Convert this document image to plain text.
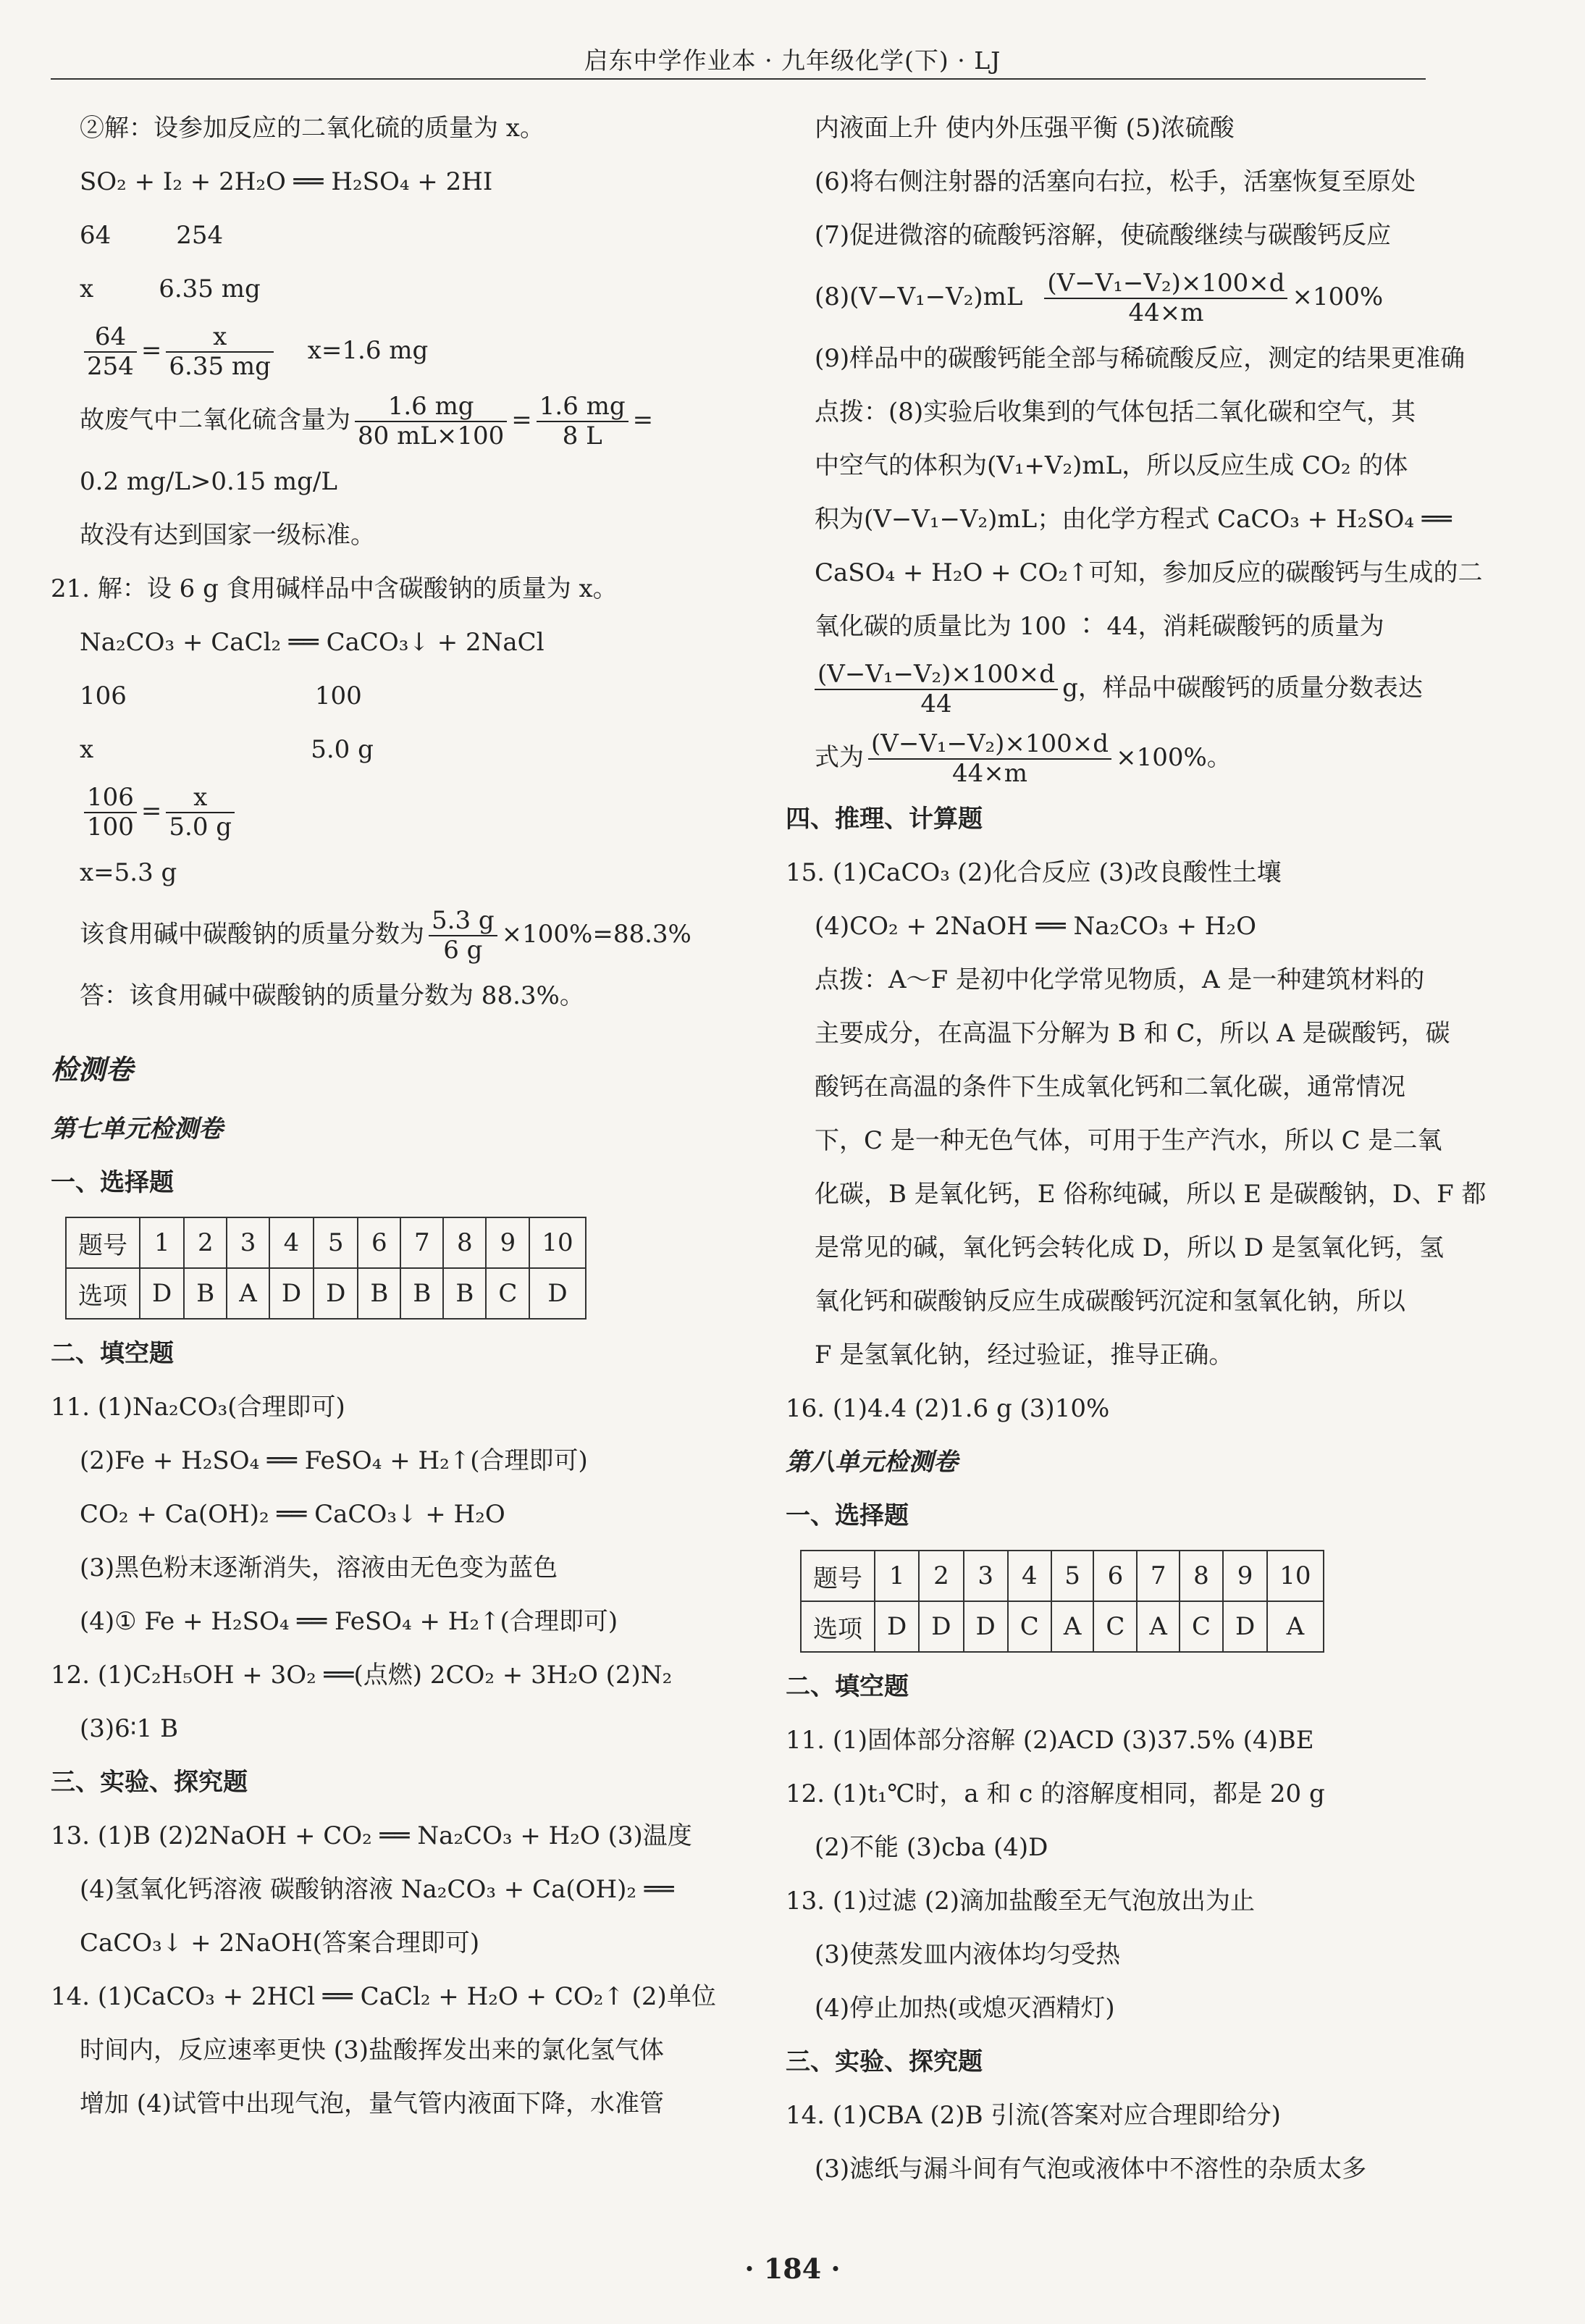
启东中学作业本 · 九年级化学(下) · LJ
②解：设参加反应的二氧化硫的质量为 x。
SO₂ + I₂ + 2H₂O ══ H₂SO₄ + 2HI
64	254
x	6.35 mg
$\frac{64}{254} = \frac{x}{6.35 mg} x=1.6$ mg
故废气中二氧化硫含量为 $\frac{1.6 mg}{80 mL\times 100} = \frac{1.6 mg}{8 L}$ =
0.2 mg/L>0.15 mg/L
故没有达到国家一级标准。
21. 解：设 6 g 食用碱样品中含碳酸钠的质量为 x。
Na₂CO₃ + CaCl₂ ══ CaCO₃↓ + 2NaCl
106	100
x	5.0 g
$\frac{106}{100} = \frac{x}{5.0 g}$
x=5.3 g
该食用碱中碳酸钠的质量分数为 $\frac{5.3 g}{6 g} \times 100\%=88.3\%$
答：该食用碱中碳酸钠的质量分数为 88.3%。
检测卷
第七单元检测卷
一、选择题
题号	1	2	3	4	5	6	7	8	9	10
选项	D	B	A	D	D	B	B	B	C	D
二、填空题
11. (1)Na₂CO₃(合理即可)
(2)Fe + H₂SO₄ ══ FeSO₄ + H₂↑(合理即可)
CO₂ + Ca(OH)₂ ══ CaCO₃↓ + H₂O
(3)黑色粉末逐渐消失，溶液由无色变为蓝色
(4)① Fe + H₂SO₄ ══ FeSO₄ + H₂↑(合理即可)
12. (1)C₂H₅OH + 3O₂ ══(点燃) 2CO₂ + 3H₂O (2)N₂
(3)6∶1 B
三、实验、探究题
13. (1)B (2)2NaOH + CO₂ ══ Na₂CO₃ + H₂O (3)温度
(4)氢氧化钙溶液 碳酸钠溶液 Na₂CO₃ + Ca(OH)₂ ══
CaCO₃↓ + 2NaOH(答案合理即可)
14. (1)CaCO₃ + 2HCl ══ CaCl₂ + H₂O + CO₂↑ (2)单位
时间内，反应速率更快 (3)盐酸挥发出来的氯化氢气体
增加 (4)试管中出现气泡，量气管内液面下降，水准管
内液面上升 使内外压强平衡 (5)浓硫酸
(6)将右侧注射器的活塞向右拉，松手，活塞恢复至原处
(7)促进微溶的硫酸钙溶解，使硫酸继续与碳酸钙反应
$(8)(V-V_1-V_2)mL \frac{\text{(V−V₁−V₂)×100×d}}{44\times m} \times 100\%$
(9)样品中的碳酸钙能全部与稀硫酸反应，测定的结果更准确
点拨：(8)实验后收集到的气体包括二氧化碳和空气，其
中空气的体积为(V₁+V₂)mL，所以反应生成 CO₂ 的体
积为(V−V₁−V₂)mL；由化学方程式 CaCO₃ + H₂SO₄ ══
CaSO₄ + H₂O + CO₂↑可知，参加反应的碳酸钙与生成的二
氧化碳的质量比为 100 ∶ 44，消耗碳酸钙的质量为
$\frac{\text{(V−V₁−V₂)×100×d}}{44}$ g，样品中碳酸钙的质量分数表达
式为 $\frac{\text{(V−V₁−V₂)×100×d}}{44\times m} \times 100\%$。
四、推理、计算题
15. (1)CaCO₃ (2)化合反应 (3)改良酸性土壤
(4)CO₂ + 2NaOH ══ Na₂CO₃ + H₂O
点拨：A～F 是初中化学常见物质，A 是一种建筑材料的
主要成分，在高温下分解为 B 和 C，所以 A 是碳酸钙，碳
酸钙在高温的条件下生成氧化钙和二氧化碳，通常情况
下，C 是一种无色气体，可用于生产汽水，所以 C 是二氧
化碳，B 是氧化钙，E 俗称纯碱，所以 E 是碳酸钠，D、F 都
是常见的碱，氧化钙会转化成 D，所以 D 是氢氧化钙，氢
氧化钙和碳酸钠反应生成碳酸钙沉淀和氢氧化钠，所以
F 是氢氧化钠，经过验证，推导正确。
16. (1)4.4 (2)1.6 g (3)10%
第八单元检测卷
一、选择题
题号	1	2	3	4	5	6	7	8	9	10
选项	D	D	D	C	A	C	A	C	D	A
二、填空题
11. (1)固体部分溶解 (2)ACD (3)37.5% (4)BE
12. (1)t₁℃时，a 和 c 的溶解度相同，都是 20 g
(2)不能 (3)cba (4)D
13. (1)过滤 (2)滴加盐酸至无气泡放出为止
(3)使蒸发皿内液体均匀受热
(4)停止加热(或熄灭酒精灯)
三、实验、探究题
14. (1)CBA (2)B 引流(答案对应合理即给分)
(3)滤纸与漏斗间有气泡或液体中不溶性的杂质太多
· 184 ·
